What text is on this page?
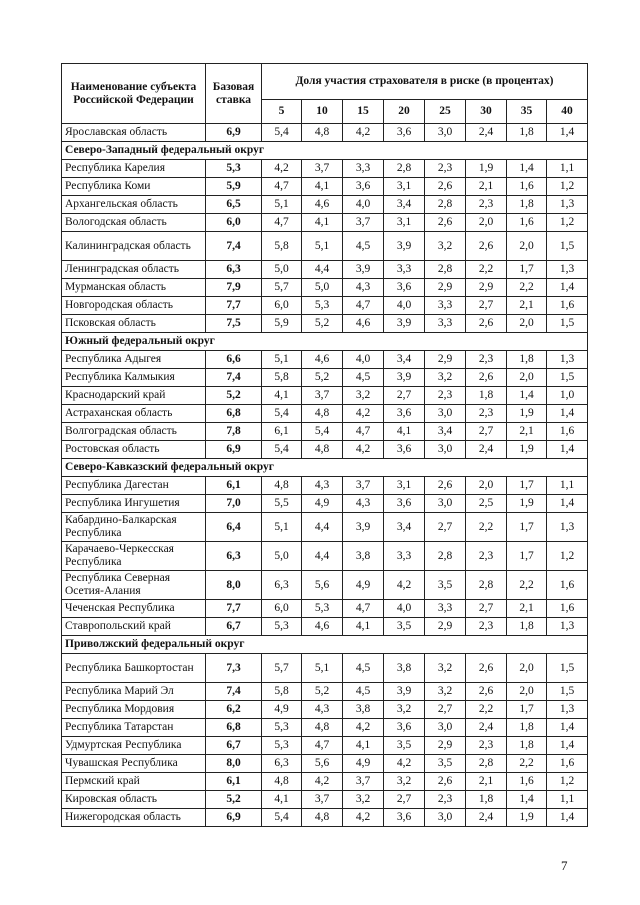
Наименование субъекта Российской Федерации	Базовая ставка	Доля участия страхователя в риске (в процентах)							
		5	10	15	20	25	30	35	40
Ярославская область	6,9	5,4	4,8	4,2	3,6	3,0	2,4	1,8	1,4
Северо-Западный федеральный округ									
Республика Карелия	5,3	4,2	3,7	3,3	2,8	2,3	1,9	1,4	1,1
Республика Коми	5,9	4,7	4,1	3,6	3,1	2,6	2,1	1,6	1,2
Архангельская область	6,5	5,1	4,6	4,0	3,4	2,8	2,3	1,8	1,3
Вологодская область	6,0	4,7	4,1	3,7	3,1	2,6	2,0	1,6	1,2
Калининградская область	7,4	5,8	5,1	4,5	3,9	3,2	2,6	2,0	1,5
Ленинградская область	6,3	5,0	4,4	3,9	3,3	2,8	2,2	1,7	1,3
Мурманская область	7,9	5,7	5,0	4,3	3,6	2,9	2,9	2,2	1,4
Новгородская область	7,7	6,0	5,3	4,7	4,0	3,3	2,7	2,1	1,6
Псковская область	7,5	5,9	5,2	4,6	3,9	3,3	2,6	2,0	1,5
Южный федеральный округ									
Республика Адыгея	6,6	5,1	4,6	4,0	3,4	2,9	2,3	1,8	1,3
Республика Калмыкия	7,4	5,8	5,2	4,5	3,9	3,2	2,6	2,0	1,5
Краснодарский край	5,2	4,1	3,7	3,2	2,7	2,3	1,8	1,4	1,0
Астраханская область	6,8	5,4	4,8	4,2	3,6	3,0	2,3	1,9	1,4
Волгоградская область	7,8	6,1	5,4	4,7	4,1	3,4	2,7	2,1	1,6
Ростовская область	6,9	5,4	4,8	4,2	3,6	3,0	2,4	1,9	1,4
Северо-Кавказский федеральный округ									
Республика Дагестан	6,1	4,8	4,3	3,7	3,1	2,6	2,0	1,7	1,1
Республика Ингушетия	7,0	5,5	4,9	4,3	3,6	3,0	2,5	1,9	1,4
Кабардино-Балкарская Республика	6,4	5,1	4,4	3,9	3,4	2,7	2,2	1,7	1,3
Карачаево-Черкесская Республика	6,3	5,0	4,4	3,8	3,3	2,8	2,3	1,7	1,2
Республика Северная Осетия-Алания	8,0	6,3	5,6	4,9	4,2	3,5	2,8	2,2	1,6
Чеченская Республика	7,7	6,0	5,3	4,7	4,0	3,3	2,7	2,1	1,6
Ставропольский край	6,7	5,3	4,6	4,1	3,5	2,9	2,3	1,8	1,3
Приволжский федеральный округ									
Республика Башкортостан	7,3	5,7	5,1	4,5	3,8	3,2	2,6	2,0	1,5
Республика Марий Эл	7,4	5,8	5,2	4,5	3,9	3,2	2,6	2,0	1,5
Республика Мордовия	6,2	4,9	4,3	3,8	3,2	2,7	2,2	1,7	1,3
Республика Татарстан	6,8	5,3	4,8	4,2	3,6	3,0	2,4	1,8	1,4
Удмуртская Республика	6,7	5,3	4,7	4,1	3,5	2,9	2,3	1,8	1,4
Чувашская Республика	8,0	6,3	5,6	4,9	4,2	3,5	2,8	2,2	1,6
Пермский край	6,1	4,8	4,2	3,7	3,2	2,6	2,1	1,6	1,2
Кировская область	5,2	4,1	3,7	3,2	2,7	2,3	1,8	1,4	1,1
Нижегородская область	6,9	5,4	4,8	4,2	3,6	3,0	2,4	1,9	1,4
7
